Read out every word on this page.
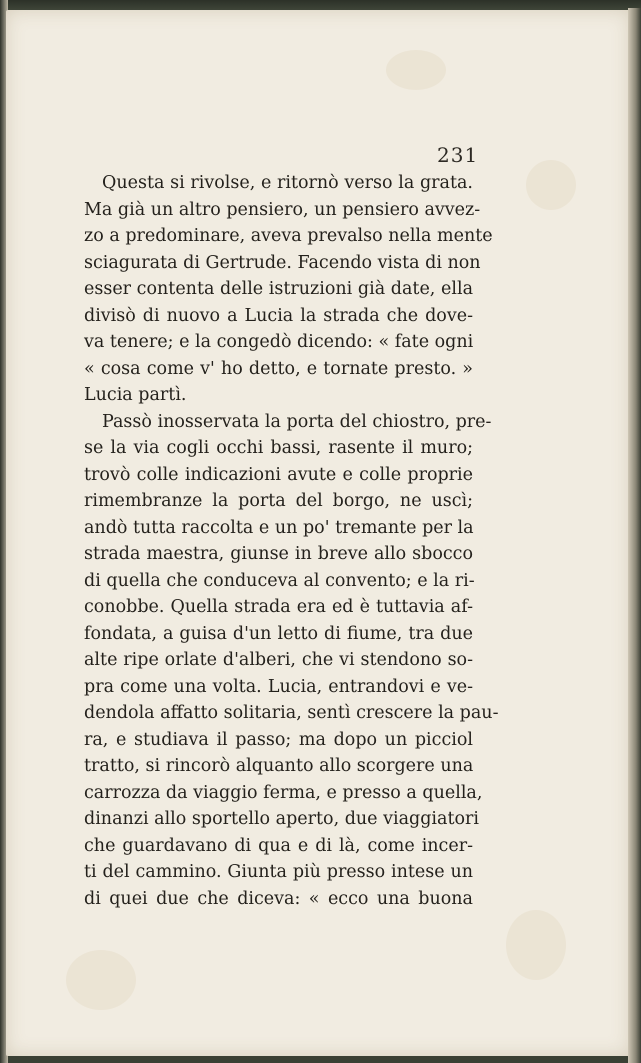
231
Questa si rivolse, e ritornò verso la grata.
Ma già un altro pensiero, un pensiero avvez-
zo a predominare, aveva prevalso nella mente
sciagurata di Gertrude. Facendo vista di non
esser contenta delle istruzioni già date, ella
divisò di nuovo a Lucia la strada che dove-
va tenere; e la congedò dicendo: « fate ogni
« cosa come v' ho detto, e tornate presto. »
Lucia partì.
Passò inosservata la porta del chiostro, pre-
se la via cogli occhi bassi, rasente il muro;
trovò colle indicazioni avute e colle proprie
rimembranze la porta del borgo, ne uscì;
andò tutta raccolta e un po' tremante per la
strada maestra, giunse in breve allo sbocco
di quella che conduceva al convento; e la ri-
conobbe. Quella strada era ed è tuttavia af-
fondata, a guisa d'un letto di fiume, tra due
alte ripe orlate d'alberi, che vi stendono so-
pra come una volta. Lucia, entrandovi e ve-
dendola affatto solitaria, sentì crescere la pau-
ra, e studiava il passo; ma dopo un picciol
tratto, si rincorò alquanto allo scorgere una
carrozza da viaggio ferma, e presso a quella,
dinanzi allo sportello aperto, due viaggiatori
che guardavano di qua e di là, come incer-
ti del cammino. Giunta più presso intese un
di quei due che diceva: « ecco una buona
